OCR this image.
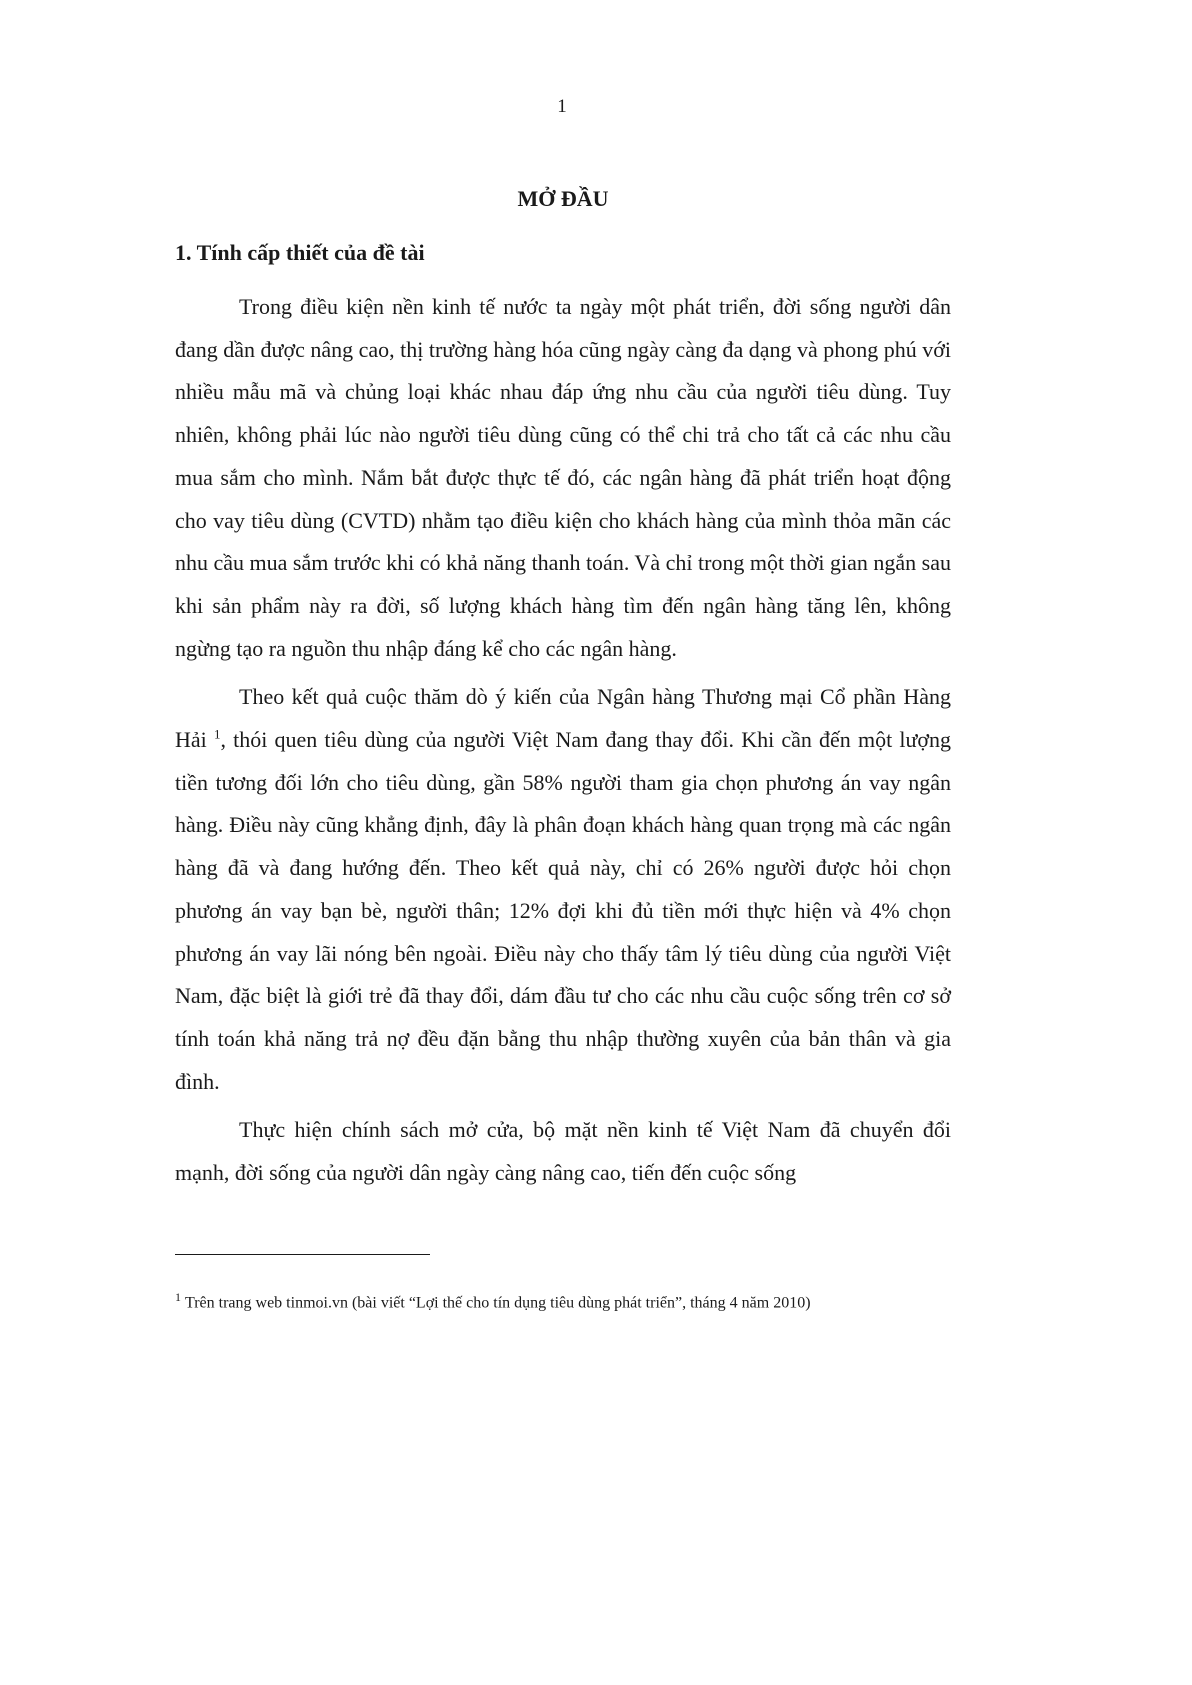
1
MỞ ĐẦU
1. Tính cấp thiết của đề tài

Trong điều kiện nền kinh tế nước ta ngày một phát triển, đời sống người dân đang dần được nâng cao, thị trường hàng hóa cũng ngày càng đa dạng và phong phú với nhiều mẫu mã và chủng loại khác nhau đáp ứng nhu cầu của người tiêu dùng. Tuy nhiên, không phải lúc nào người tiêu dùng cũng có thể chi trả cho tất cả các nhu cầu mua sắm cho mình. Nắm bắt được thực tế đó, các ngân hàng đã phát triển hoạt động cho vay tiêu dùng (CVTD) nhằm tạo điều kiện cho khách hàng của mình thỏa mãn các nhu cầu mua sắm trước khi có khả năng thanh toán. Và chỉ trong một thời gian ngắn sau khi sản phẩm này ra đời, số lượng khách hàng tìm đến ngân hàng tăng lên, không ngừng tạo ra nguồn thu nhập đáng kể cho các ngân hàng.

Theo kết quả cuộc thăm dò ý kiến của Ngân hàng Thương mại Cổ phần Hàng Hải $^1$, thói quen tiêu dùng của người Việt Nam đang thay đổi. Khi cần đến một lượng tiền tương đối lớn cho tiêu dùng, gần 58% người tham gia chọn phương án vay ngân hàng. Điều này cũng khẳng định, đây là phân đoạn khách hàng quan trọng mà các ngân hàng đã và đang hướng đến. Theo kết quả này, chỉ có 26% người được hỏi chọn phương án vay bạn bè, người thân; 12% đợi khi đủ tiền mới thực hiện và 4% chọn phương án vay lãi nóng bên ngoài. Điều này cho thấy tâm lý tiêu dùng của người Việt Nam, đặc biệt là giới trẻ đã thay đổi, dám đầu tư cho các nhu cầu cuộc sống trên cơ sở tính toán khả năng trả nợ đều đặn bằng thu nhập thường xuyên của bản thân và gia đình.

Thực hiện chính sách mở cửa, bộ mặt nền kinh tế Việt Nam đã chuyển đổi mạnh, đời sống của người dân ngày càng nâng cao, tiến đến cuộc sống

$^1$ Trên trang web tinmoi.vn (bài viết “Lợi thế cho tín dụng tiêu dùng phát triển”, tháng 4 năm 2010)
